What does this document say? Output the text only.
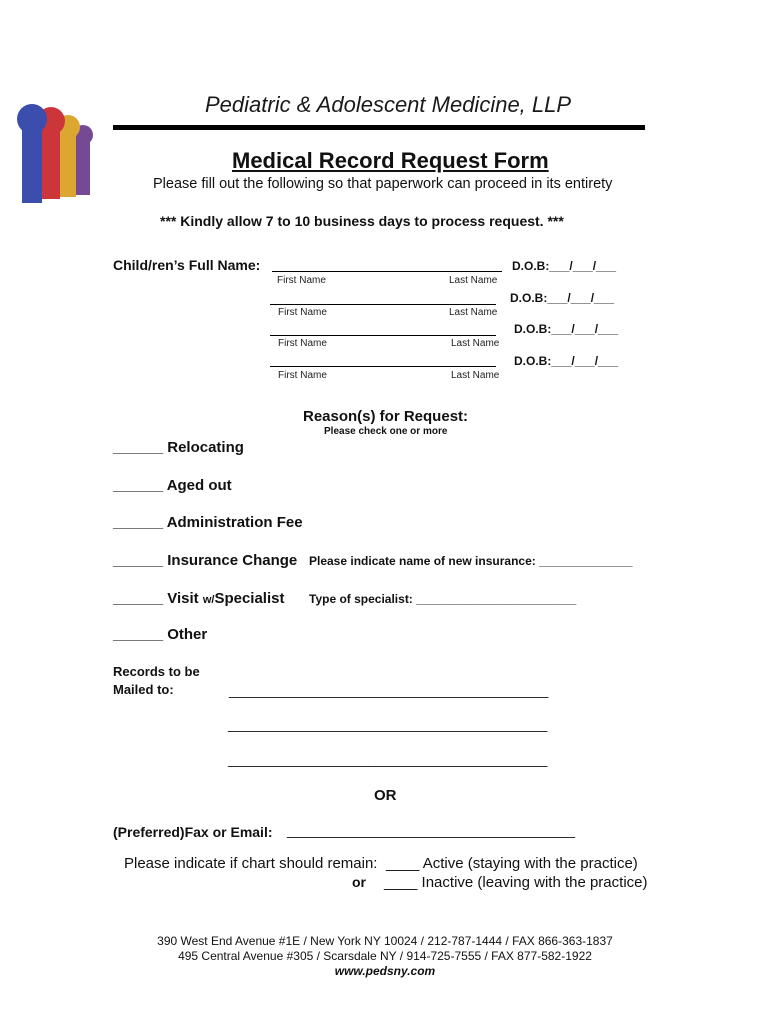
Pediatric & Adolescent Medicine, LLP
Medical Record Request Form
Please fill out the following so that paperwork can proceed in its entirety
*** Kindly allow 7 to 10 business days to process request. ***
Child/ren’s Full Name:	D.O.B:___/___/___
First Name	Last Name
D.O.B:___/___/___
First Name	Last Name
D.O.B:___/___/___
First Name	Last Name
D.O.B:___/___/___
First Name	Last Name
Reason(s) for Request:
Please check one or more
______ Relocating
______ Aged out
______ Administration Fee
______ Insurance Change Please indicate name of new insurance: ______________
______ Visit w/Specialist Type of specialist: ________________________
______ Other
Records to be
Mailed to:	_________________________________________
_________________________________________
_________________________________________
OR
(Preferred)Fax or Email: _____________________________________
Please indicate if chart should remain: ____ Active (staying with the practice)
or ____ Inactive (leaving with the practice)
390 West End Avenue #1E / New York NY 10024 / 212-787-1444 / FAX 866-363-1837
495 Central Avenue #305 / Scarsdale NY / 914-725-7555 / FAX 877-582-1922
www.pedsny.com
